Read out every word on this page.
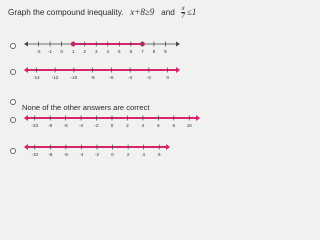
Graph the compound inequality. x+8≥9 and $\frac{x}{7} \le 1$
-2 -1 0 1 2 3 4 5 6 7 8 9
-14	-12	-10	-8	-6	-4	-2	0
None of the other answers are correct
-10 -8 -6 -4 -2	0	2	4	6	8	10
-10 -8 -6 -4 -2	0	2	4	6
